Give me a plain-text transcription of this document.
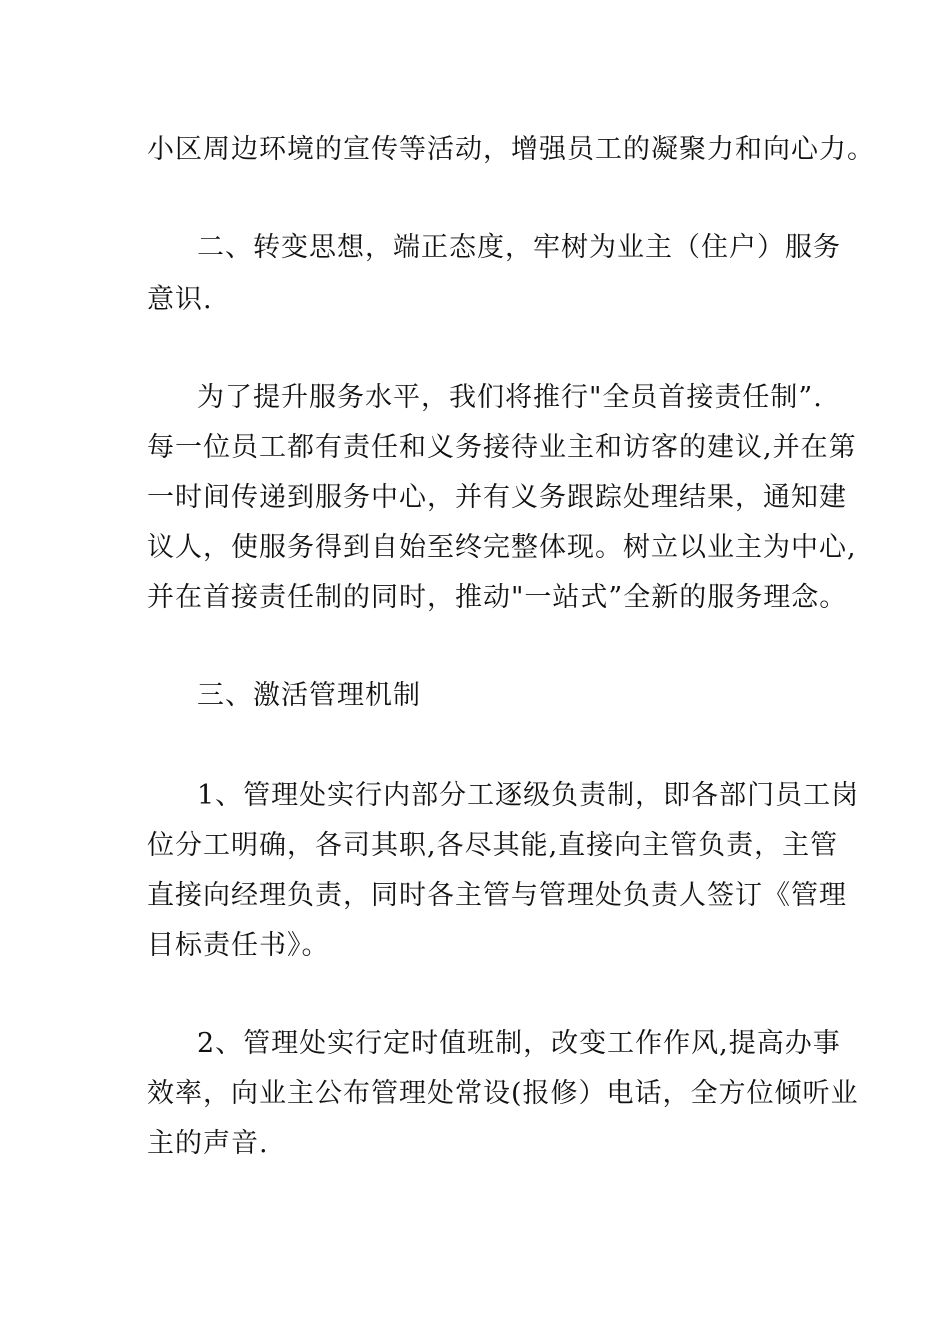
小区周边环境的宣传等活动，增强员工的凝聚力和向心力。
二、转变思想，端正态度，牢树为业主（住户）服务
意识.
为了提升服务水平，我们将推行"全员首接责任制”.
每一位员工都有责任和义务接待业主和访客的建议,并在第
一时间传递到服务中心，并有义务跟踪处理结果，通知建
议人，使服务得到自始至终完整体现。树立以业主为中心,
并在首接责任制的同时，推动"一站式”全新的服务理念。
三、激活管理机制
1、管理处实行内部分工逐级负责制，即各部门员工岗
位分工明确，各司其职,各尽其能,直接向主管负责，主管
直接向经理负责，同时各主管与管理处负责人签订《管理
目标责任书》。
2、管理处实行定时值班制，改变工作作风,提高办事
效率，向业主公布管理处常设(报修）电话，全方位倾听业
主的声音.
